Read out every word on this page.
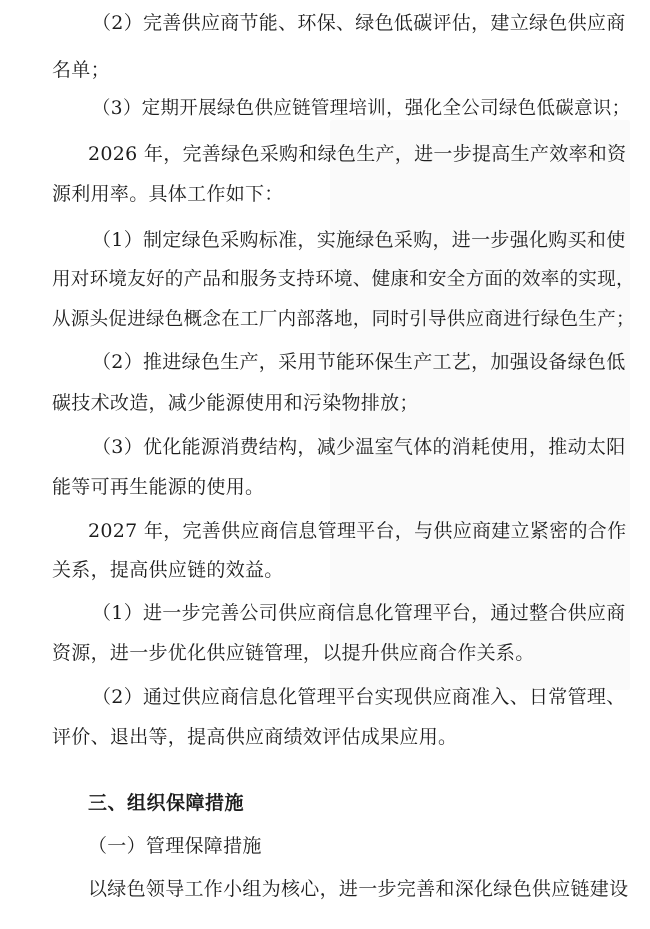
（2）完善供应商节能、环保、绿色低碳评估，建立绿色供应商
名单；
（3）定期开展绿色供应链管理培训，强化全公司绿色低碳意识；
2026 年，完善绿色采购和绿色生产，进一步提高生产效率和资
源利用率。具体工作如下：
（1）制定绿色采购标准，实施绿色采购，进一步强化购买和使
用对环境友好的产品和服务支持环境、健康和安全方面的效率的实现，
从源头促进绿色概念在工厂内部落地，同时引导供应商进行绿色生产；
（2）推进绿色生产，采用节能环保生产工艺，加强设备绿色低
碳技术改造，减少能源使用和污染物排放；
（3）优化能源消费结构，减少温室气体的消耗使用，推动太阳
能等可再生能源的使用。
2027 年，完善供应商信息管理平台，与供应商建立紧密的合作
关系，提高供应链的效益。
（1）进一步完善公司供应商信息化管理平台，通过整合供应商
资源，进一步优化供应链管理，以提升供应商合作关系。
（2）通过供应商信息化管理平台实现供应商准入、日常管理、
评价、退出等，提高供应商绩效评估成果应用。
三、组织保障措施
（一）管理保障措施
以绿色领导工作小组为核心，进一步完善和深化绿色供应链建设
